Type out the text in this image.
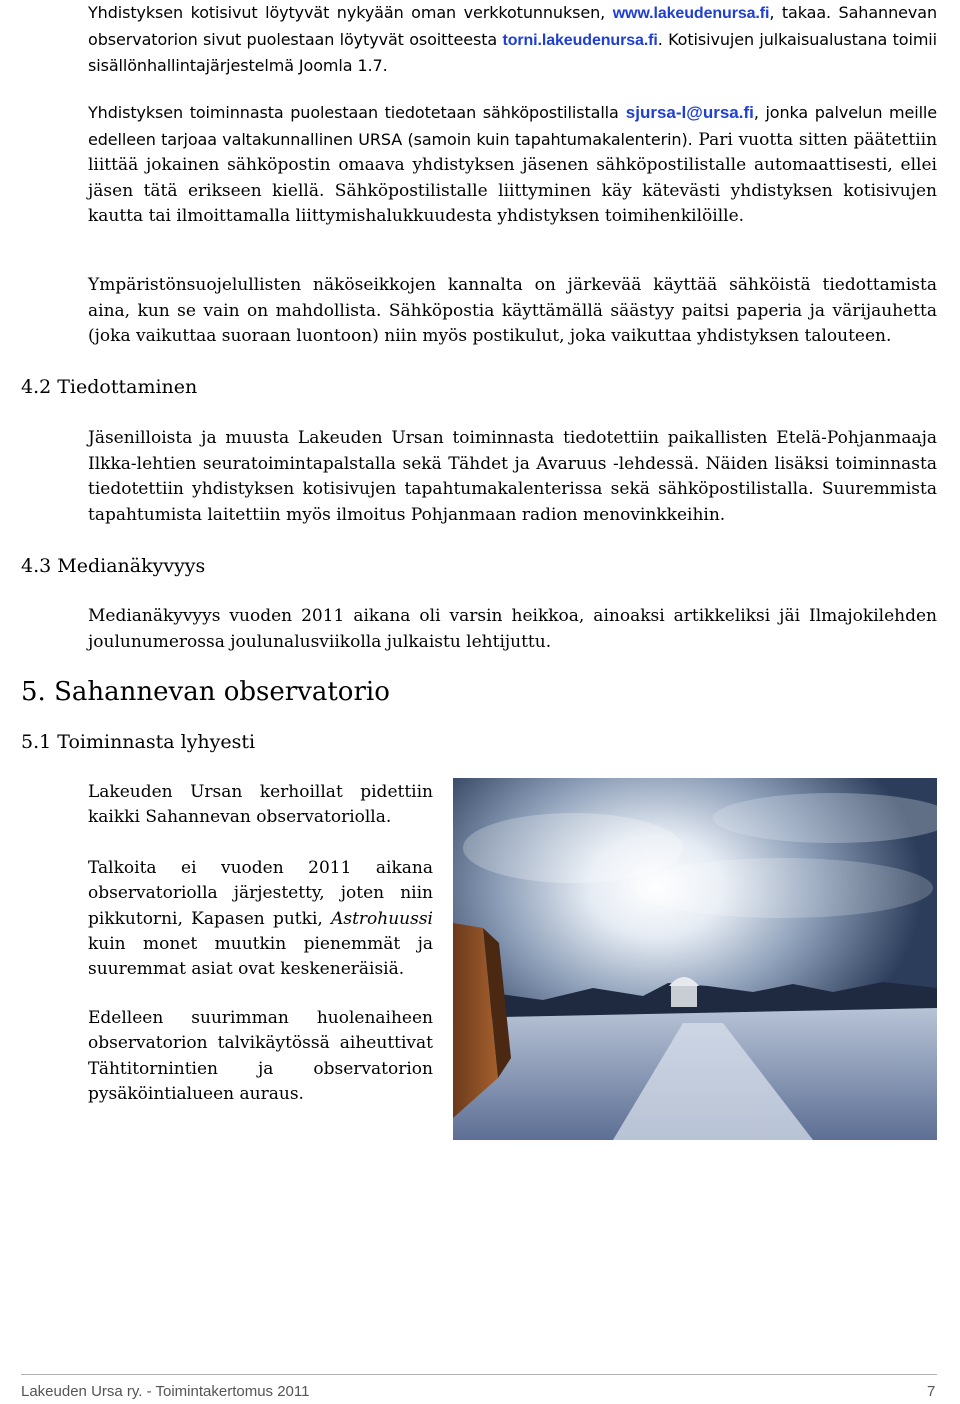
Yhdistyksen kotisivut löytyvät nykyään oman verkkotunnuksen, www.lakeudenursa.fi, takaa. Sahannevan observatorion sivut puolestaan löytyvät osoitteesta torni.lakeudenursa.fi. Kotisivujen julkaisualustana toimii sisällönhallintajärjestelmä Joomla 1.7.

Yhdistyksen toiminnasta puolestaan tiedotetaan sähköpostilistalla sjursa-l@ursa.fi, jonka palvelun meille edelleen tarjoaa valtakunnallinen URSA (samoin kuin tapahtumakalenterin). Pari vuotta sitten päätettiin liittää jokainen sähköpostin omaava yhdistyksen jäsenen sähköpostilistalle automaattisesti, ellei jäsen tätä erikseen kiellä. Sähköpostilistalle liittyminen käy kätevästi yhdistyksen kotisivujen kautta tai ilmoittamalla liittymishalukkuudesta yhdistyksen toimihenkilöille.

Ympäristönsuojelullisten näköseikkojen kannalta on järkevää käyttää sähköistä tiedottamista aina, kun se vain on mahdollista. Sähköpostia käyttämällä säästyy paitsi paperia ja värijauhetta (joka vaikuttaa suoraan luontoon) niin myös postikulut, joka vaikuttaa yhdistyksen talouteen.

4.2 Tiedottaminen

Jäsenilloista ja muusta Lakeuden Ursan toiminnasta tiedotettiin paikallisten Etelä-Pohjanmaaja Ilkka-lehtien seuratoimintapalstalla sekä Tähdet ja Avaruus -lehdessä. Näiden lisäksi toiminnasta tiedotettiin yhdistyksen kotisivujen tapahtumakalenterissa sekä sähköpostilistalla. Suuremmista tapahtumista laitettiin myös ilmoitus Pohjanmaan radion menovinkkeihin.

4.3 Medianäkyvyys

Medianäkyvyys vuoden 2011 aikana oli varsin heikkoa, ainoaksi artikkeliksi jäi Ilmajokilehden joulunumerossa joulunalusviikolla julkaistu lehtijuttu.

5. Sahannevan observatorio
5.1 Toiminnasta lyhyesti

Lakeuden Ursan kerhoillat pidettiin kaikki Sahannevan observatoriolla.

Talkoita ei vuoden 2011 aikana observatoriolla järjestetty, joten niin pikkutorni, Kapasen putki, Astrohuussi kuin monet muutkin pienemmät ja suuremmat asiat ovat keskeneräisiä.

Edelleen suurimman huolenaiheen observatorion talvikäytössä aiheuttivat Tähtitornintien ja observatorion pysäköintialueen auraus.

Lakeuden Ursa ry. - Toimintakertomus 2011	7
